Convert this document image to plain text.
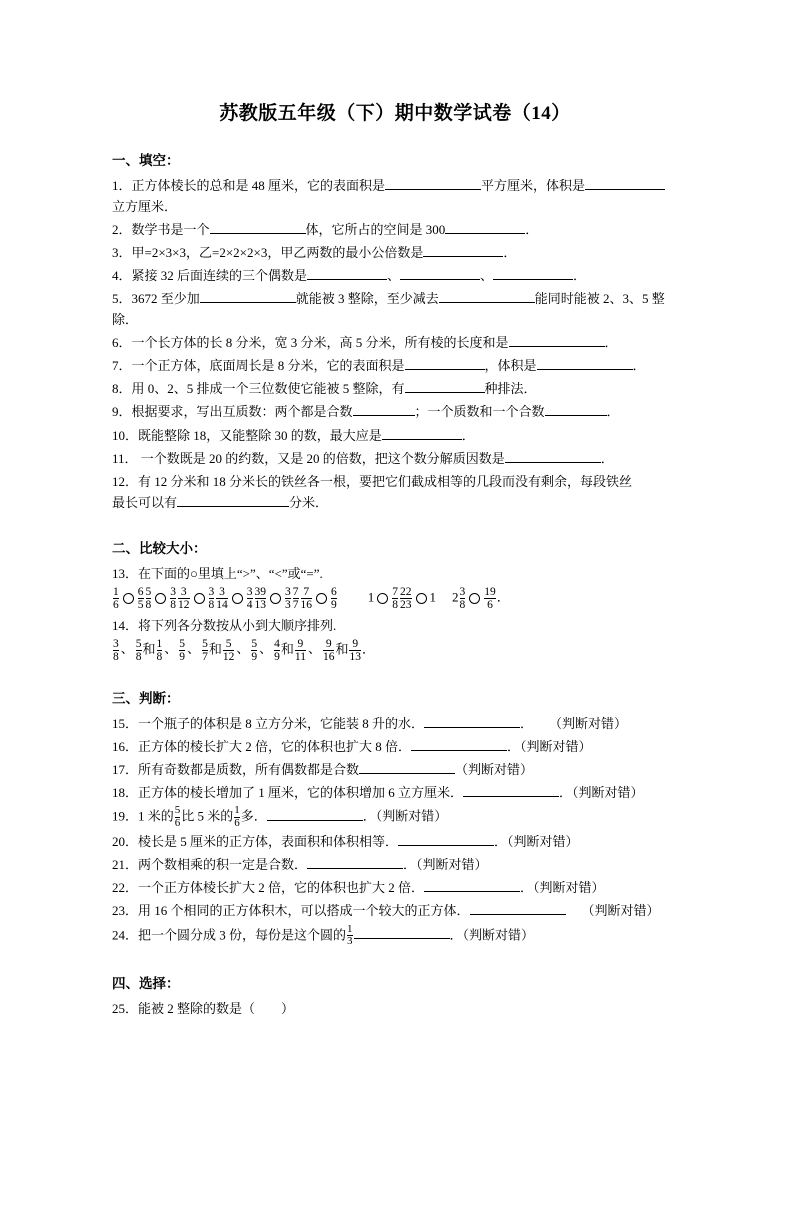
苏教版五年级（下）期中数学试卷（14）
一、填空：

1．正方体棱长的总和是 48 厘米，它的表面积是	平方厘米，体积是
立方厘米．

2．数学书是一个	体，它所占的空间是 300	．

3．甲=2×3×3，乙=2×2×2×3，甲乙两数的最小公倍数是	．

4．紧接 32 后面连续的三个偶数是	、	、	．

5．3672 至少加	就能被 3 整除，至少减去	能同时能被 2、3、5 整
除．

6．一个长方体的长 8 分米，宽 3 分米，高 5 分米，所有棱的长度和是	．

7．一个正方体，底面周长是 8 分米，它的表面积是	，体积是	．

8．用 0、2、5 排成一个三位数使它能被 5 整除，有	种排法．

9．根据要求，写出互质数：两个都是合数	；一个质数和一个合数	．

10．既能整除 18，又能整除 30 的数，最大应是	．

11． 一个数既是 20 的约数，又是 20 的倍数，把这个数分解质因数是	．

12．有 12 分米和 18 分米长的铁丝各一根，要把它们截成相等的几段而没有剩余，每段铁丝
最长可以有	分米．

二、比较大小：

13．在下面的○里填上“>”、“<”或“=”.

$\frac{1}{6} \frac{6}{5} \frac{5}{8} \frac{3}{8} \frac{3}{12} \frac{3}{8} \frac{3}{14} \frac{3}{4} \frac{39}{13} \frac{3}{3} \frac{7}{7} \frac{7}{16} \frac{6}{9} 1 \frac{7}{8} \frac{22}{23} 1$ $2 \frac{3}{8} \frac{19}{6}$ ．

14．将下列各分数按从小到大顺序排列.

$\frac{3}{8}$ 、 $\frac{5}{8}$ 和 $\frac{1}{8}$ 、 $\frac{5}{9}$ 、 $\frac{5}{7}$ 和 $\frac{5}{12}$ 、 $\frac{5}{9}$ 、 $\frac{4}{9}$ 和 $\frac{9}{11}$ 、 $\frac{9}{16}$ 和 $\frac{9}{13}$ ．
三、判断：

15．一个瓶子的体积是 8 立方分米，它能装 8 升的水．	． （判断对错）

16．正方体的棱长扩大 2 倍，它的体积也扩大 8 倍．	．（判断对错）

17．所有奇数都是质数，所有偶数都是合数	（判断对错）

18．正方体的棱长增加了 1 厘米，它的体积增加 6 立方厘米．	．（判断对错）

19．1 米的 $\frac{5}{6}$ 比 5 米的 $\frac{1}{6}$ 多．	．（判断对错）

20．棱长是 5 厘米的正方体，表面积和体积相等．	．（判断对错）

21．两个数相乘的积一定是合数．	．（判断对错）

22．一个正方体棱长扩大 2 倍，它的体积也扩大 2 倍．	．（判断对错）

23．用 16 个相同的正方体积木，可以搭成一个较大的正方体．	（判断对错）

24．把一个圆分成 3 份，每份是这个圆的 $\frac{1}{3}$	．（判断对错）

四、选择：

25．能被 2 整除的数是（　　）
